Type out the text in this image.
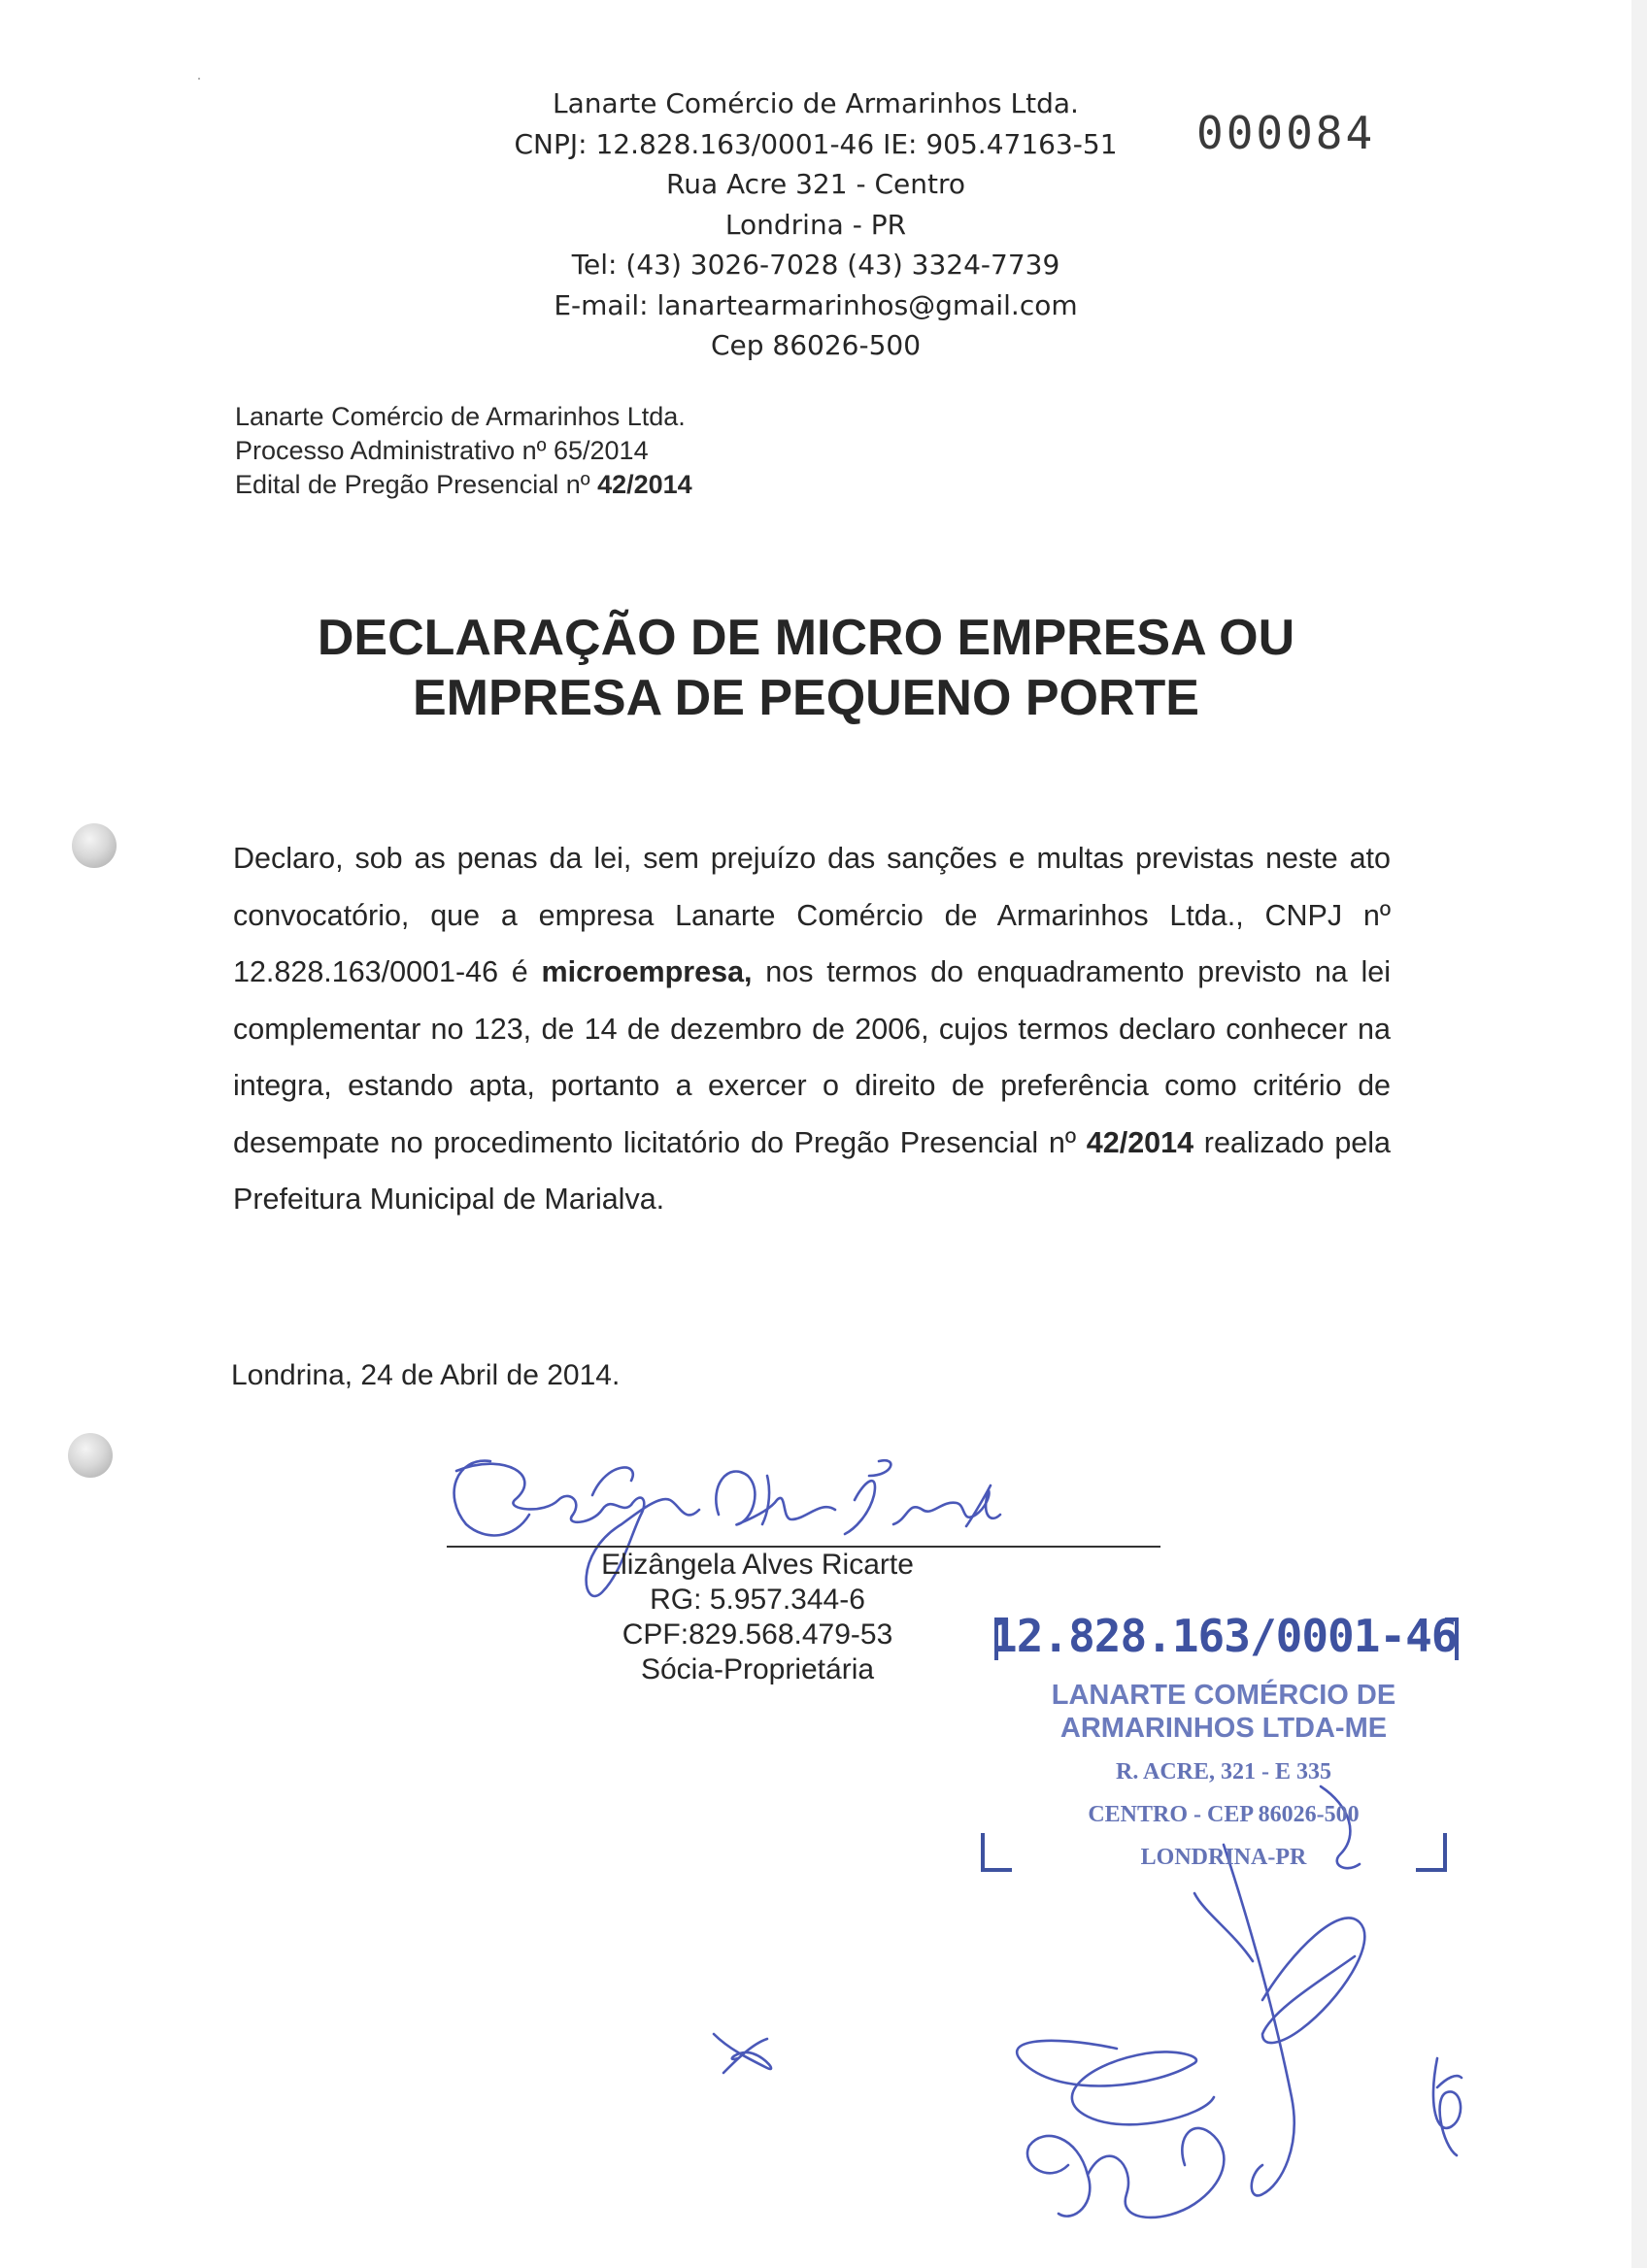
Lanarte Comércio de Armarinhos Ltda.
CNPJ: 12.828.163/0001-46 IE: 905.47163-51
Rua Acre 321 - Centro
Londrina - PR
Tel: (43) 3026-7028 (43) 3324-7739
E-mail: lanartearmarinhos@gmail.com
Cep 86026-500
000084
Lanarte Comércio de Armarinhos Ltda.
Processo Administrativo nº 65/2014
Edital de Pregão Presencial nº 42/2014
DECLARAÇÃO DE MICRO EMPRESA OU
EMPRESA DE PEQUENO PORTE
Declaro, sob as penas da lei, sem prejuízo das sanções e multas previstas neste ato convocatório, que a empresa Lanarte Comércio de Armarinhos Ltda., CNPJ nº 12.828.163/0001-46 é microempresa, nos termos do enquadramento previsto na lei complementar no 123, de 14 de dezembro de 2006, cujos termos declaro conhecer na integra, estando apta, portanto a exercer o direito de preferência como critério de desempate no procedimento licitatório do Pregão Presencial nº 42/2014 realizado pela Prefeitura Municipal de Marialva.
Londrina, 24 de Abril de 2014.
Elizângela Alves Ricarte
RG: 5.957.344-6
CPF:829.568.479-53
Sócia-Proprietária
12.828.163/0001-46
LANARTE COMÉRCIO DE
ARMARINHOS LTDA-ME
R. ACRE, 321 - E 335
CENTRO - CEP 86026-500
LONDRINA-PR
